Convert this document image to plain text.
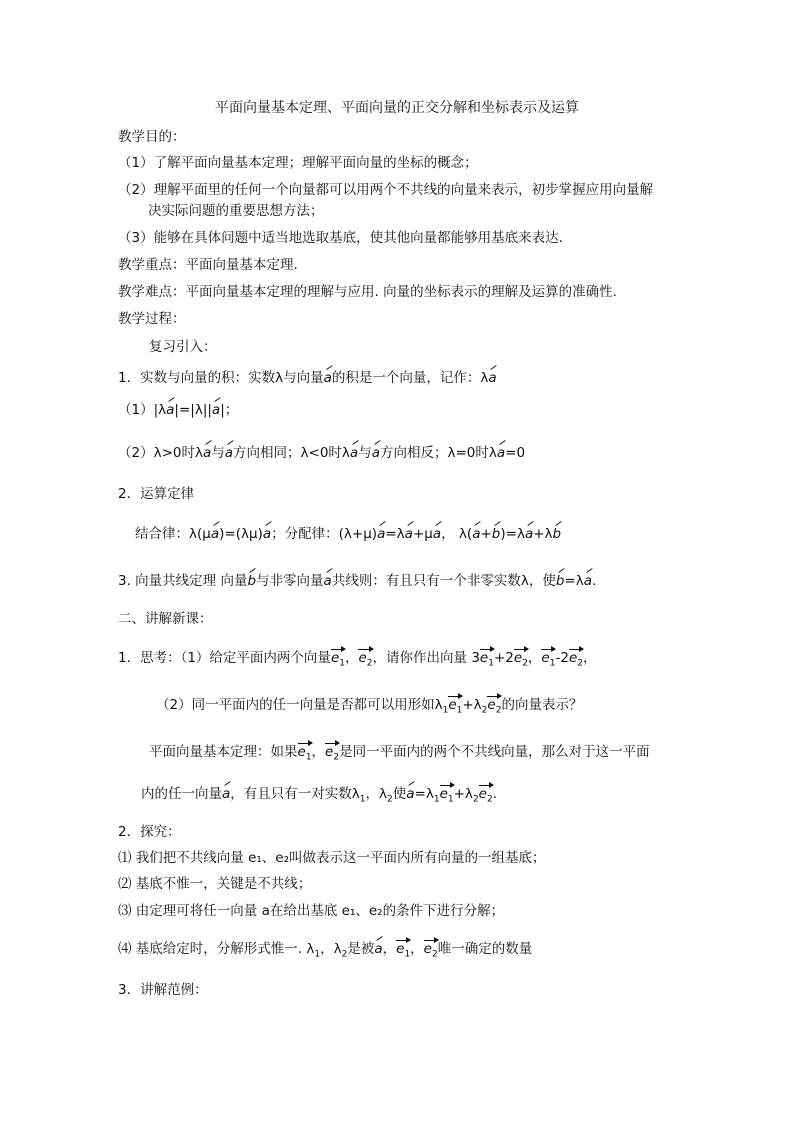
平面向量基本定理、平面向量的正交分解和坐标表示及运算
教学目的：
（1）了解平面向量基本定理；理解平面向量的坐标的概念；
（2）理解平面里的任何一个向量都可以用两个不共线的向量来表示，初步掌握应用向量解
决实际问题的重要思想方法；
（3）能够在具体问题中适当地选取基底，使其他向量都能够用基底来表达.
教学重点：平面向量基本定理.
教学难点：平面向量基本定理的理解与应用. 向量的坐标表示的理解及运算的准确性.
教学过程：
复习引入：
1．实数与向量的积：实数λ与向量a的积是一个向量，记作：λa
（1）|λa|=|λ||a|；
（2）λ>0时λa与a方向相同；λ<0时λa与a方向相反；λ=0时λa=0
2．运算定律
结合律：λ(μa)=(λμ)a；分配律：(λ+μ)a=λa+μa， λ(a+b)=λa+λb
3. 向量共线定理 向量b与非零向量a共线则：有且只有一个非零实数λ，使b=λa.
二、讲解新课：
1．思考：（1）给定平面内两个向量$e_1$，$e_2$，请你作出向量 $3e_1+2e_2$，$e_1-2e_2$，
（2）同一平面内的任一向量是否都可以用形如$\lambda_1e_1+\lambda_2e_2$的向量表示？
平面向量基本定理：如果$e_1$，$e_2$是同一平面内的两个不共线向量，那么对于这一平面
内的任一向量a，有且只有一对实数$\lambda_1$，$\lambda_2$使$a=\lambda_1e_1+\lambda_2e_2$.
2．探究：
⑴ 我们把不共线向量 e₁、e₂叫做表示这一平面内所有向量的一组基底；
⑵ 基底不惟一，关键是不共线；
⑶ 由定理可将任一向量 a在给出基底 e₁、e₂的条件下进行分解；
⑷ 基底给定时，分解形式惟一. $\lambda_1$，$\lambda_2$是被a，$e_1$，$e_2$唯一确定的数量
3．讲解范例：
